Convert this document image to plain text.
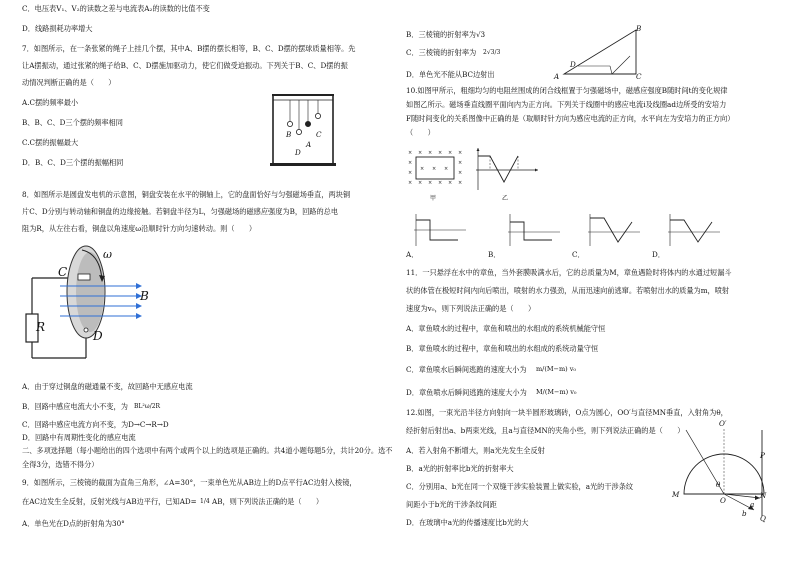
C．电压表V₁、V₂的读数之差与电流表A₂的读数的比值不变
D．线路损耗功率增大
7．如图所示，在一条张紧的绳子上挂几个摆，其中A、B摆的摆长相等，B、C、D摆的摆球质量相等。先
让A摆振动，通过张紧的绳子给B、C、D摆施加驱动力，使它们做受迫振动。下列关于B、C、D摆的振
动情况判断正确的是（　　）
A.C摆的频率最小
B、B、C、D三个摆的频率相同
C.C摆的振幅最大
D．B、C、D三个摆的振幅相同
B	C
D
A
8．如图所示是圆盘发电机的示意图，铜盘安装在水平的铜轴上，它的盘面恰好与匀强磁场垂直，两块铜
片C、D分别与转动轴和铜盘的边缘接触。若铜盘半径为L，匀强磁场的磁感应强度为B，回路的总电
阻为R，从左往右看，铜盘以角速度ω沿顺时针方向匀速转动。则（　　）
ω
C
B
R
D
A．由于穿过铜盘的磁通量不变，故回路中无感应电流
B．回路中感应电流大小不变，为 BL²ω/2R
C．回路中感应电流方向不变，为D→C→R→D
D．回路中有周期性变化的感应电流
二、多项选择题（每小题给出的四个选项中有两个或两个以上的选项是正确的。共4道小题每题5分，共计20分。选不
全得3分，选错不得分）
9．如图所示，三棱镜的截面为直角三角形，∠A=30°，一束单色光从AB边上的D点平行AC边射入棱镜，
在AC边发生全反射，反射光线与AB边平行，已知AD= 1/4 AB，则下列说法正确的是（　　）
A．单色光在D点的折射角为30°
B．三棱镜的折射率为√3
C．三棱镜的折射率为 2√3/3
D．单色光不能从BC边射出	A
B
C
D
10.如图甲所示，粗细均匀的电阻丝围成的闭合线框置于匀强磁场中，磁感应强度B随时间t的变化规律
如图乙所示。磁场垂直线圈平面向内为正方向。下列关于线圈中的感应电流i及线圈ad边所受的安培力
F随时间变化的关系图像中正确的是（取顺时针方向为感应电流的正方向，水平向左为安培力的正方向）
（　　）
× × × × × ×
×	×
×	×
× × × × × ×
× × ×
甲	乙
A．	B．	C．	D．
11．一只悬浮在水中的章鱼，当外套膜吸满水后，它的总质量为M，章鱼遇险时将体内的水通过短漏斗
状的体管在极短时间内向后喷出，喷射的水力强劲，从而迅速向前逃窜。若喷射出水的质量为m，喷射
速度为v₀，则下列说法正确的是（　　）
A．章鱼喷水的过程中，章鱼和喷出的水组成的系统机械能守恒
B．章鱼喷水的过程中，章鱼和喷出的水组成的系统动量守恒
C．章鱼喷水后瞬间逃跑的速度大小为 m/(M−m) v₀
D．章鱼喷水后瞬间逃跑的速度大小为 M/(M−m) v₀
12.如图，一束光沿半径方向射向一块半圆形玻璃砖，O点为圆心，OO′与直径MN垂直，入射角为θ，
经折射后射出a、b两束光线，且a与直径MN的夹角小些，则下列说法正确的是（　　）
A．若入射角不断增大，则a光先发生全反射
B．a光的折射率比b光的折射率大
C．分别用a、b光在同一个双缝干涉实验装置上做实验，a光的干涉条纹
间距小于b光的干涉条纹间距
D．在玻璃中a光的传播速度比b光的大
O′
P
M
θ
O
N
a
b
Q
